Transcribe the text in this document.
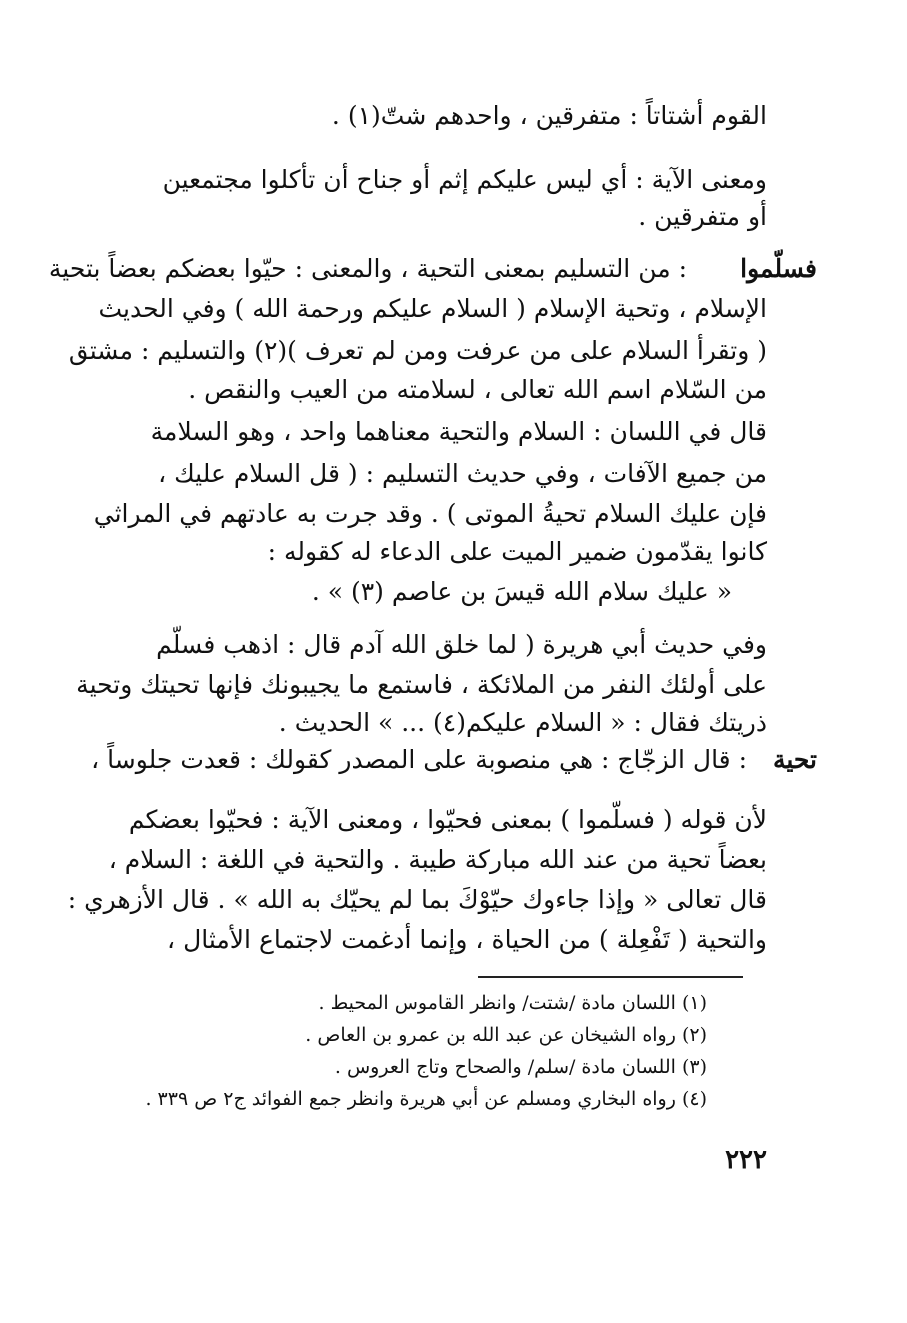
القوم أشتاتاً : متفرقين ، واحدهم شتّ(١) .
ومعنى الآية : أي ليس عليكم إثم أو جناح أن تأكلوا مجتمعين
أو متفرقين .
فسلّموا
: من التسليم بمعنى التحية ، والمعنى : حيّوا بعضكم بعضاً بتحية
الإسلام ، وتحية الإسلام ( السلام عليكم ورحمة الله ) وفي الحديث
( وتقرأ السلام على من عرفت ومن لم تعرف )(٢) والتسليم : مشتق
من السّلام اسم الله تعالى ، لسلامته من العيب والنقص .
قال في اللسان : السلام والتحية معناهما واحد ، وهو السلامة
من جميع الآفات ، وفي حديث التسليم : ( قل السلام عليك ،
فإن عليك السلام تحيةُ الموتى ) . وقد جرت به عادتهم في المراثي
كانوا يقدّمون ضمير الميت على الدعاء له كقوله :
« عليك سلام الله قيسَ بن عاصم (٣) » .
وفي حديث أبي هريرة ( لما خلق الله آدم قال : اذهب فسلّم
على أولئك النفر من الملائكة ، فاستمع ما يجيبونك فإنها تحيتك وتحية
ذريتك فقال : « السلام عليكم(٤) ... » الحديث .
تحية
: قال الزجّاج : هي منصوبة على المصدر كقولك : قعدت جلوساً ،
لأن قوله ( فسلّموا ) بمعنى فحيّوا ، ومعنى الآية : فحيّوا بعضكم
بعضاً تحية من عند الله مباركة طيبة . والتحية في اللغة : السلام ،
قال تعالى « وإذا جاءوك حيّوْكَ بما لم يحيّك به الله » . قال الأزهري :
والتحية ( تَفْعِلة ) من الحياة ، وإنما أدغمت لاجتماع الأمثال ،
(١) اللسان مادة /شتت/ وانظر القاموس المحيط .
(٢) رواه الشيخان عن عبد الله بن عمرو بن العاص .
(٣) اللسان مادة /سلم/ والصحاح وتاج العروس .
(٤) رواه البخاري ومسلم عن أبي هريرة وانظر جمع الفوائد ج٢ ص ٣٣٩ .
٢٢٢
